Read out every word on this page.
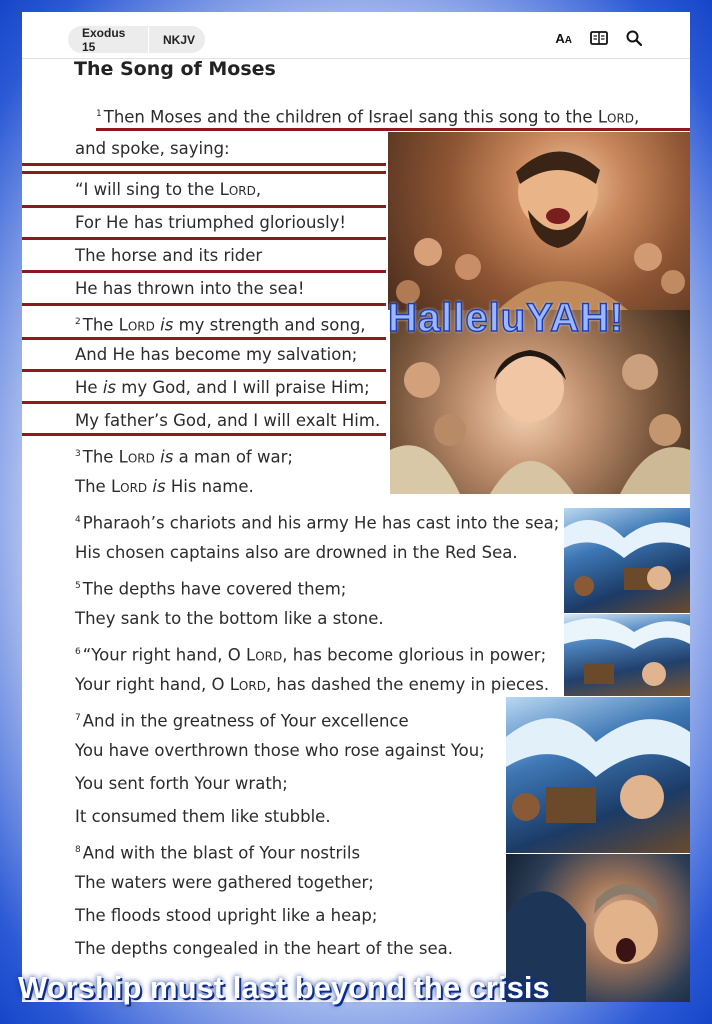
Exodus 15	NKJV	AA
The Song of Moses
HalleluYAH!
$^1$ Then Moses and the children of Israel sang this song to the Lord,
and spoke, saying:
“I will sing to the Lord,
For He has triumphed gloriously!
The horse and its rider
He has thrown into the sea!
$^2$ The Lord is my strength and song,
And He has become my salvation;
He is my God, and I will praise Him;
My father’s God, and I will exalt Him.
$^3$ The Lord is a man of war;
The Lord is His name.
$^4$ Pharaoh’s chariots and his army He has cast into the sea;
His chosen captains also are drowned in the Red Sea.
$^5$ The depths have covered them;
They sank to the bottom like a stone.
$^6$ “Your right hand, O Lord, has become glorious in power;
Your right hand, O Lord, has dashed the enemy in pieces.
$^7$ And in the greatness of Your excellence
You have overthrown those who rose against You;
You sent forth Your wrath;
It consumed them like stubble.
$^8$ And with the blast of Your nostrils
The waters were gathered together;
The floods stood upright like a heap;
The depths congealed in the heart of the sea.
Worship must last beyond the crisis
